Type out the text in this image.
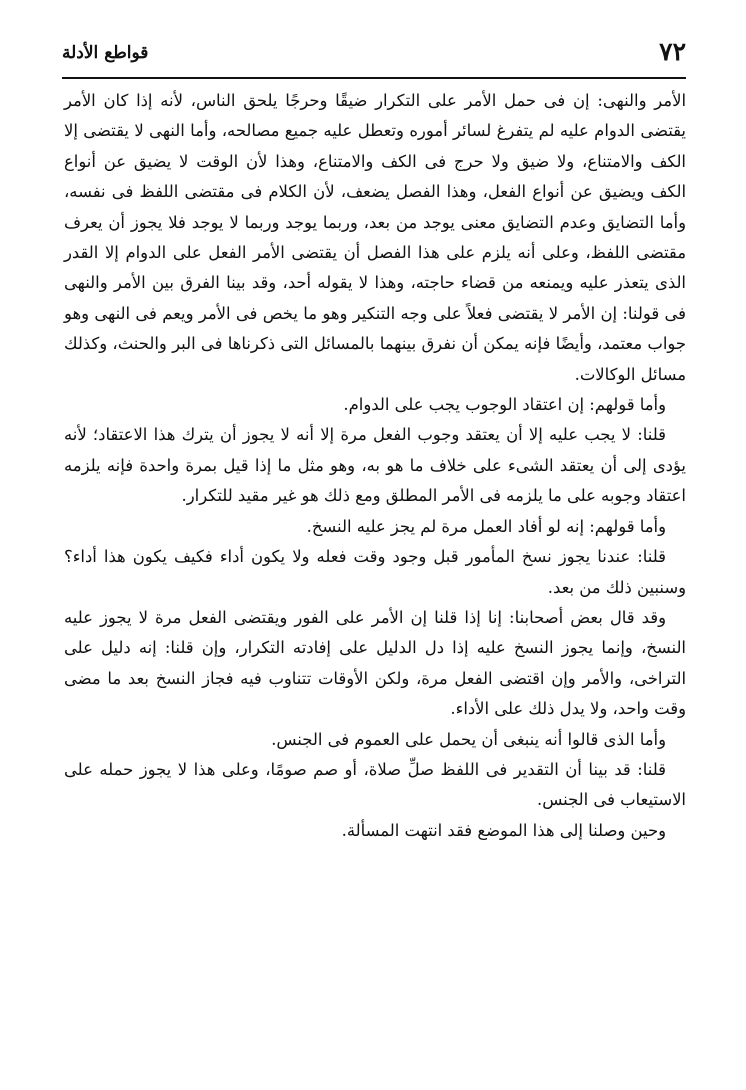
٧٢
قواطع الأدلة

الأمر والنهى: إن فى حمل الأمر على التكرار ضيقًا وحرجًا يلحق الناس، لأنه إذا كان الأمر يقتضى الدوام عليه لم يتفرغ لسائر أموره وتعطل عليه جميع مصالحه، وأما النهى لا يقتضى إلا الكف والامتناع، ولا ضيق ولا حرج فى الكف والامتناع، وهذا لأن الوقت لا يضيق عن أنواع الكف ويضيق عن أنواع الفعل، وهذا الفصل يضعف، لأن الكلام فى مقتضى اللفظ فى نفسه، وأما التضايق وعدم التضايق معنى يوجد من بعد، وربما يوجد وربما لا يوجد فلا يجوز أن يعرف مقتضى اللفظ، وعلى أنه يلزم على هذا الفصل أن يقتضى الأمر الفعل على الدوام إلا القدر الذى يتعذر عليه ويمنعه من قضاء حاجته، وهذا لا يقوله أحد، وقد بينا الفرق بين الأمر والنهى فى قولنا: إن الأمر لا يقتضى فعلاً على وجه التنكير وهو ما يخص فى الأمر ويعم فى النهى وهو جواب معتمد، وأيضًا فإنه يمكن أن نفرق بينهما بالمسائل التى ذكرناها فى البر والحنث، وكذلك مسائل الوكالات.

وأما قولهم: إن اعتقاد الوجوب يجب على الدوام.

قلنا: لا يجب عليه إلا أن يعتقد وجوب الفعل مرة إلا أنه لا يجوز أن يترك هذا الاعتقاد؛ لأنه يؤدى إلى أن يعتقد الشىء على خلاف ما هو به، وهو مثل ما إذا قيل بمرة واحدة فإنه يلزمه اعتقاد وجوبه على ما يلزمه فى الأمر المطلق ومع ذلك هو غير مقيد للتكرار.

وأما قولهم: إنه لو أفاد العمل مرة لم يجز عليه النسخ.

قلنا: عندنا يجوز نسخ المأمور قبل وجود وقت فعله ولا يكون أداء فكيف يكون هذا أداء؟ وسنبين ذلك من بعد.

وقد قال بعض أصحابنا: إنا إذا قلنا إن الأمر على الفور ويقتضى الفعل مرة لا يجوز عليه النسخ، وإنما يجوز النسخ عليه إذا دل الدليل على إفادته التكرار، وإن قلنا: إنه دليل على التراخى، والأمر وإن اقتضى الفعل مرة، ولكن الأوقات تتناوب فيه فجاز النسخ بعد ما مضى وقت واحد، ولا يدل ذلك على الأداء.

وأما الذى قالوا أنه ينبغى أن يحمل على العموم فى الجنس.

قلنا: قد بينا أن التقدير فى اللفظ صلِّ صلاة، أو صم صومًا، وعلى هذا لا يجوز حمله على الاستيعاب فى الجنس.

وحين وصلنا إلى هذا الموضع فقد انتهت المسألة.
